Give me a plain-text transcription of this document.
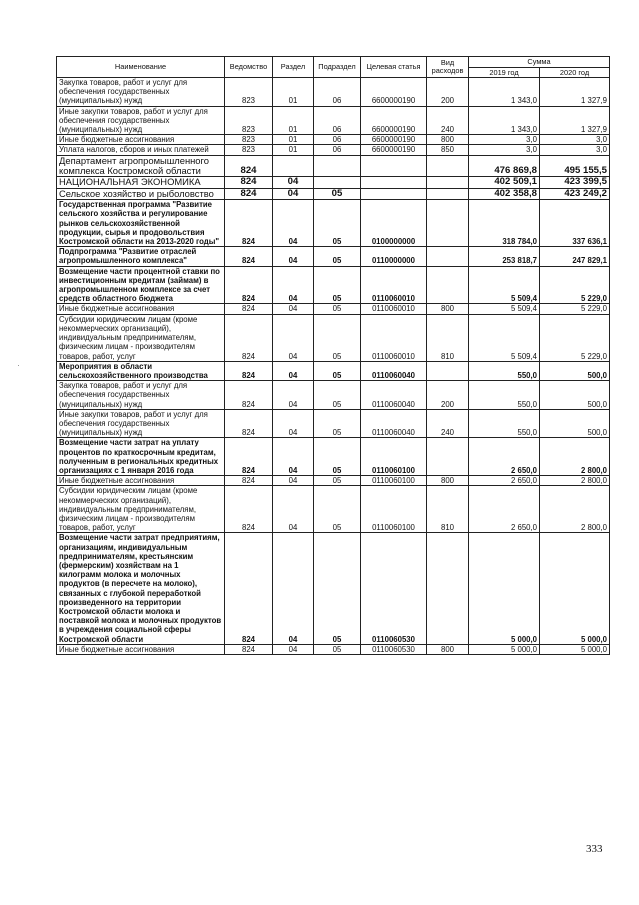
Наименование	Ведомство	Раздел	Подраздел	Целевая статья	Вид расходов	Сумма	
						2019 год	2020 год
Закупка товаров, работ и услуг для обеспечения государственных (муниципальных) нужд	823	01	06	6600000190	200	1 343,0	1 327,9
Иные закупки товаров, работ и услуг для обеспечения государственных (муниципальных) нужд	823	01	06	6600000190	240	1 343,0	1 327,9
Иные бюджетные ассигнования	823	01	06	6600000190	800	3,0	3,0
Уплата налогов, сборов и иных платежей	823	01	06	6600000190	850	3,0	3,0
Департамент агропромышленного комплекса Костромской области	824					476 869,8	495 155,5
НАЦИОНАЛЬНАЯ ЭКОНОМИКА	824	04				402 509,1	423 399,5
Сельское хозяйство и рыболовство	824	04	05			402 358,8	423 249,2
Государственная программа "Развитие сельского хозяйства и регулирование рынков сельскохозяйственной продукции, сырья и продовольствия Костромской области на 2013-2020 годы"	824	04	05	0100000000		318 784,0	337 636,1
Подпрограмма "Развитие отраслей агропромышленного комплекса"	824	04	05	0110000000		253 818,7	247 829,1
Возмещение части процентной ставки по инвестиционным кредитам (займам) в агропромышленном комплексе за счет средств областного бюджета	824	04	05	0110060010		5 509,4	5 229,0
Иные бюджетные ассигнования	824	04	05	0110060010	800	5 509,4	5 229,0
Субсидии юридическим лицам (кроме некоммерческих организаций), индивидуальным предпринимателям, физическим лицам - производителям товаров, работ, услуг	824	04	05	0110060010	810	5 509,4	5 229,0
Мероприятия в области сельскохозяйственного производства	824	04	05	0110060040		550,0	500,0
Закупка товаров, работ и услуг для обеспечения государственных (муниципальных) нужд	824	04	05	0110060040	200	550,0	500,0
Иные закупки товаров, работ и услуг для обеспечения государственных (муниципальных) нужд	824	04	05	0110060040	240	550,0	500,0
Возмещение части затрат на уплату процентов по краткосрочным кредитам, полученным в региональных кредитных организациях с 1 января 2016 года	824	04	05	0110060100		2 650,0	2 800,0
Иные бюджетные ассигнования	824	04	05	0110060100	800	2 650,0	2 800,0
Субсидии юридическим лицам (кроме некоммерческих организаций), индивидуальным предпринимателям, физическим лицам - производителям товаров, работ, услуг	824	04	05	0110060100	810	2 650,0	2 800,0
Возмещение части затрат предприятиям, организациям, индивидуальным предпринимателям, крестьянским (фермерским) хозяйствам на 1 килограмм молока и молочных продуктов (в пересчете на молоко), связанных с глубокой переработкой произведенного на территории Костромской области молока и поставкой молока и молочных продуктов в учреждения социальной сферы Костромской области	824	04	05	0110060530		5 000,0	5 000,0
Иные бюджетные ассигнования	824	04	05	0110060530	800	5 000,0	5 000,0
333
